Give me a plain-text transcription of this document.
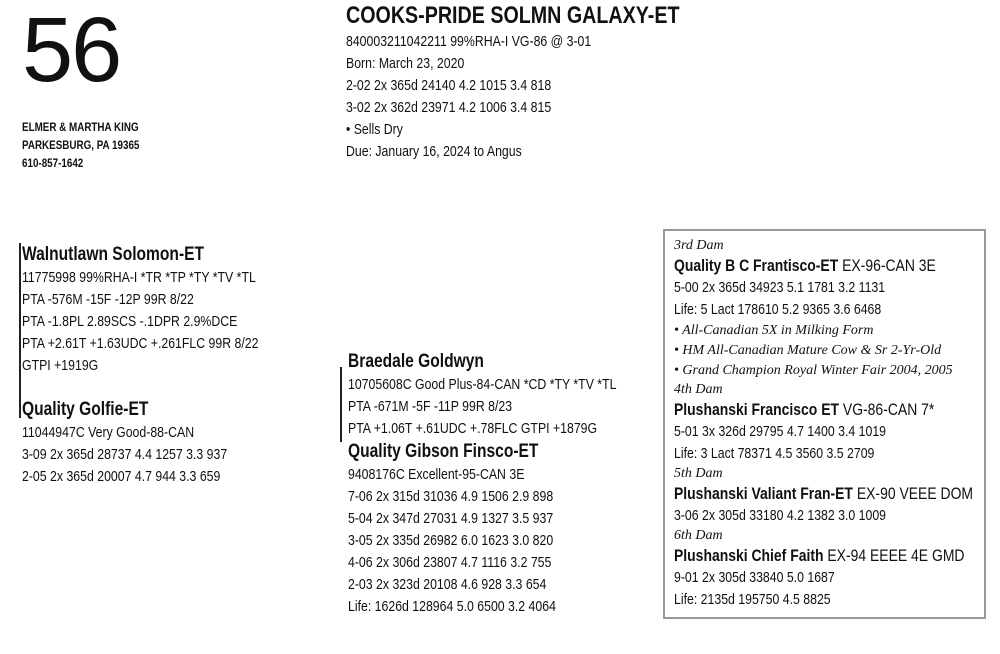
56
ELMER & MARTHA KING
PARKESBURG, PA 19365
610-857-1642
COOKS-PRIDE SOLMN GALAXY-ET
840003211042211 99%RHA-I VG-86 @ 3-01
Born: March 23, 2020
2-02 2x 365d 24140 4.2 1015 3.4 818
3-02 2x 362d 23971 4.2 1006 3.4 815
• Sells Dry
Due: January 16, 2024 to Angus
Walnutlawn Solomon-ET
11775998 99%RHA-I *TR *TP *TY *TV *TL
PTA -576M -15F -12P 99R 8/22
PTA -1.8PL 2.89SCS -.1DPR 2.9%DCE
PTA +2.61T +1.63UDC +.261FLC 99R 8/22
GTPI +1919G
Quality Golfie-ET
11044947C Very Good-88-CAN
3-09 2x 365d 28737 4.4 1257 3.3 937
2-05 2x 365d 20007 4.7 944 3.3 659
Braedale Goldwyn
10705608C Good Plus-84-CAN *CD *TY *TV *TL
PTA -671M -5F -11P 99R 8/23
PTA +1.06T +.61UDC +.78FLC GTPI +1879G
Quality Gibson Finsco-ET
9408176C Excellent-95-CAN 3E
7-06 2x 315d 31036 4.9 1506 2.9 898
5-04 2x 347d 27031 4.9 1327 3.5 937
3-05 2x 335d 26982 6.0 1623 3.0 820
4-06 2x 306d 23807 4.7 1116 3.2 755
2-03 2x 323d 20108 4.6 928 3.3 654
Life: 1626d 128964 5.0 6500 3.2 4064
3rd Dam
Quality B C Frantisco-ET EX-96-CAN 3E
5-00 2x 365d 34923 5.1 1781 3.2 1131
Life: 5 Lact 178610 5.2 9365 3.6 6468
• All-Canadian 5X in Milking Form
• HM All-Canadian Mature Cow & Sr 2-Yr-Old
• Grand Champion Royal Winter Fair 2004, 2005
4th Dam
Plushanski Francisco ET VG-86-CAN 7*
5-01 3x 326d 29795 4.7 1400 3.4 1019
Life: 3 Lact 78371 4.5 3560 3.5 2709
5th Dam
Plushanski Valiant Fran-ET EX-90 VEEE DOM
3-06 2x 305d 33180 4.2 1382 3.0 1009
6th Dam
Plushanski Chief Faith EX-94 EEEE 4E GMD
9-01 2x 305d 33840 5.0 1687
Life: 2135d 195750 4.5 8825
